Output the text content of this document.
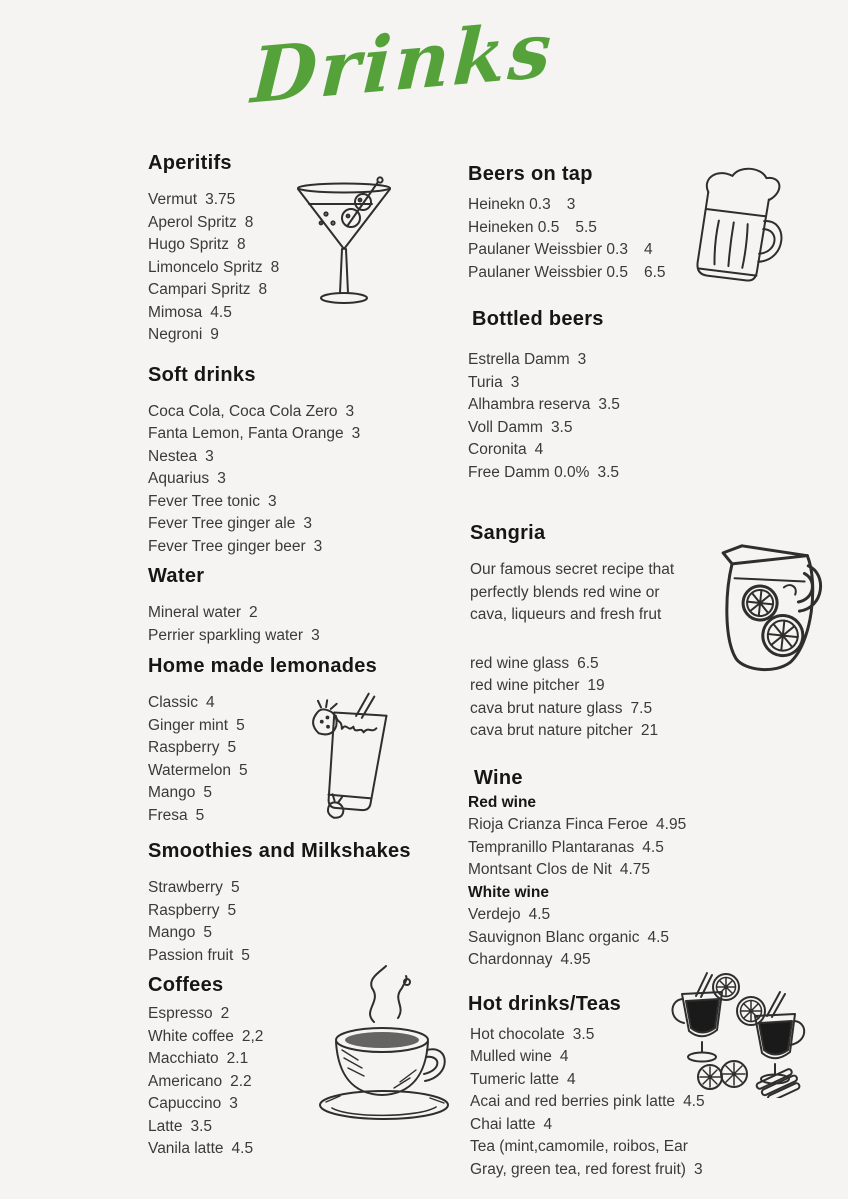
Drinks
Aperitifs
Vermut 3.75
Aperol Spritz 8
Hugo Spritz 8
Limoncelo Spritz 8
Campari Spritz 8
Mimosa 4.5
Negroni 9
Soft drinks
Coca Cola, Coca Cola Zero 3
Fanta Lemon, Fanta Orange 3
Nestea 3
Aquarius 3
Fever Tree tonic 3
Fever Tree ginger ale 3
Fever Tree ginger beer 3
Water
Mineral water 2
Perrier sparkling water 3
Home made lemonades
Classic 4
Ginger mint 5
Raspberry 5
Watermelon 5
Mango 5
Fresa 5
Smoothies and Milkshakes
Strawberry 5
Raspberry 5
Mango 5
Passion fruit 5
Coffees
Espresso 2
White coffee 2,2
Macchiato 2.1
Americano 2.2
Capuccino 3
Latte 3.5
Vanila latte 4.5
Beers on tap
Heinekn 0.3 3
Heineken 0.5 5.5
Paulaner Weissbier 0.3 4
Paulaner Weissbier 0.5 6.5
Bottled beers
Estrella Damm 3
Turia 3
Alhambra reserva 3.5
Voll Damm 3.5
Coronita 4
Free Damm 0.0% 3.5
Sangria

Our famous secret recipe that perfectly blends red wine or cava, liqueurs and fresh frut

red wine glass 6.5
red wine pitcher 19
cava brut nature glass 7.5
cava brut nature pitcher 21
Wine
Red wine
Rioja Crianza Finca Feroe 4.95
Tempranillo Plantaranas 4.5
Montsant Clos de Nit 4.75
White wine
Verdejo 4.5
Sauvignon Blanc organic 4.5
Chardonnay 4.95
Hot drinks/Teas
Hot chocolate 3.5
Mulled wine 4
Tumeric latte 4
Acai and red berries pink latte 4.5
Chai latte 4
Tea (mint,camomile, roibos, Ear Gray, green tea, red forest fruit) 3
